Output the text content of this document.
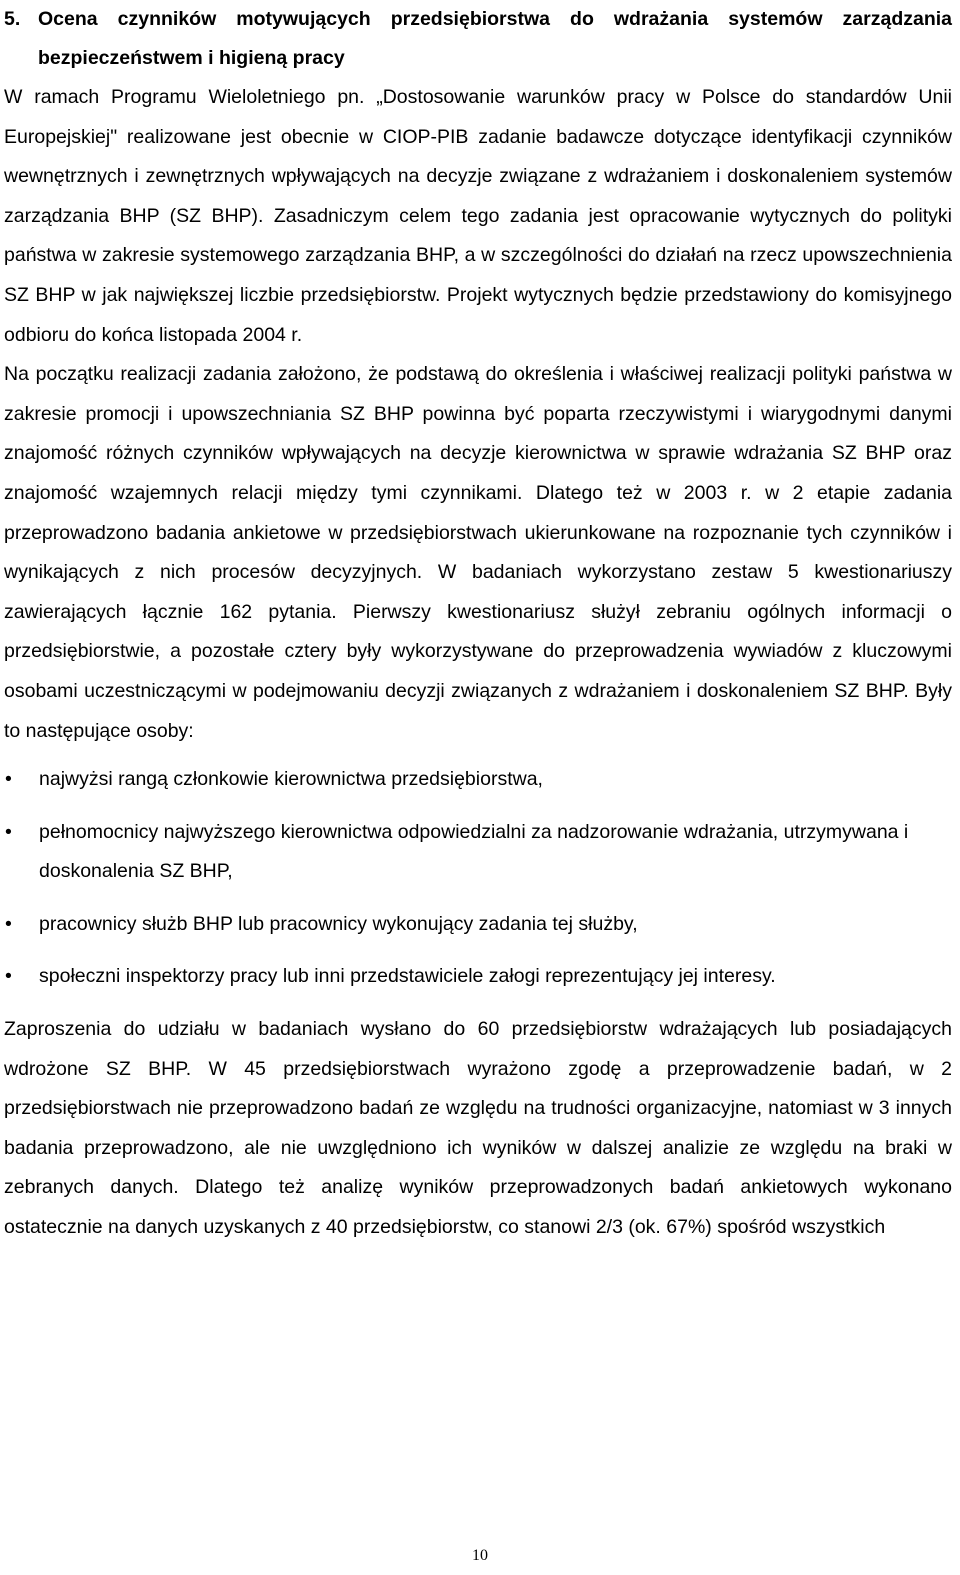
5. Ocena czynników motywujących przedsiębiorstwa do wdrażania systemów zarządzania bezpieczeństwem i higieną pracy

W ramach Programu Wieloletniego pn. „Dostosowanie warunków pracy w Polsce do standardów Unii Europejskiej" realizowane jest obecnie w CIOP-PIB zadanie badawcze dotyczące identyfikacji czynników wewnętrznych i zewnętrznych wpływających na decyzje związane z wdrażaniem i doskonaleniem systemów zarządzania BHP (SZ BHP). Zasadniczym celem tego zadania jest opracowanie wytycznych do polityki państwa w zakresie systemowego zarządzania BHP, a w szczególności do działań na rzecz upowszechnienia SZ BHP w jak największej liczbie przedsiębiorstw. Projekt wytycznych będzie przedstawiony do komisyjnego odbioru do końca listopada 2004 r.

Na początku realizacji zadania założono, że podstawą do określenia i właściwej realizacji polityki państwa w zakresie promocji i upowszechniania SZ BHP powinna być poparta rzeczywistymi i wiarygodnymi danymi znajomość różnych czynników wpływających na decyzje kierownictwa w sprawie wdrażania SZ BHP oraz znajomość wzajemnych relacji między tymi czynnikami. Dlatego też w 2003 r. w 2 etapie zadania przeprowadzono badania ankietowe w przedsiębiorstwach ukierunkowane na rozpoznanie tych czynników i wynikających z nich procesów decyzyjnych. W badaniach wykorzystano zestaw 5 kwestionariuszy zawierających łącznie 162 pytania. Pierwszy kwestionariusz służył zebraniu ogólnych informacji o przedsiębiorstwie, a pozostałe cztery były wykorzystywane do przeprowadzenia wywiadów z kluczowymi osobami uczestniczącymi w podejmowaniu decyzji związanych z wdrażaniem i doskonaleniem SZ BHP. Były to następujące osoby:

•	najwyżsi rangą członkowie kierownictwa przedsiębiorstwa,
•	pełnomocnicy najwyższego kierownictwa odpowiedzialni za nadzorowanie wdrażania, utrzymywana i doskonalenia SZ BHP,
•	pracownicy służb BHP lub pracownicy wykonujący zadania tej służby,
•	społeczni inspektorzy pracy lub inni przedstawiciele załogi reprezentujący jej interesy.

Zaproszenia do udziału w badaniach wysłano do 60 przedsiębiorstw wdrażających lub posiadających wdrożone SZ BHP. W 45 przedsiębiorstwach wyrażono zgodę a przeprowadzenie badań, w 2 przedsiębiorstwach nie przeprowadzono badań ze względu na trudności organizacyjne, natomiast w 3 innych badania przeprowadzono, ale nie uwzględniono ich wyników w dalszej analizie ze względu na braki w zebranych danych. Dlatego też analizę wyników przeprowadzonych badań ankietowych wykonano ostatecznie na danych uzyskanych z 40 przedsiębiorstw, co stanowi 2/3 (ok. 67%) spośród wszystkich

10
